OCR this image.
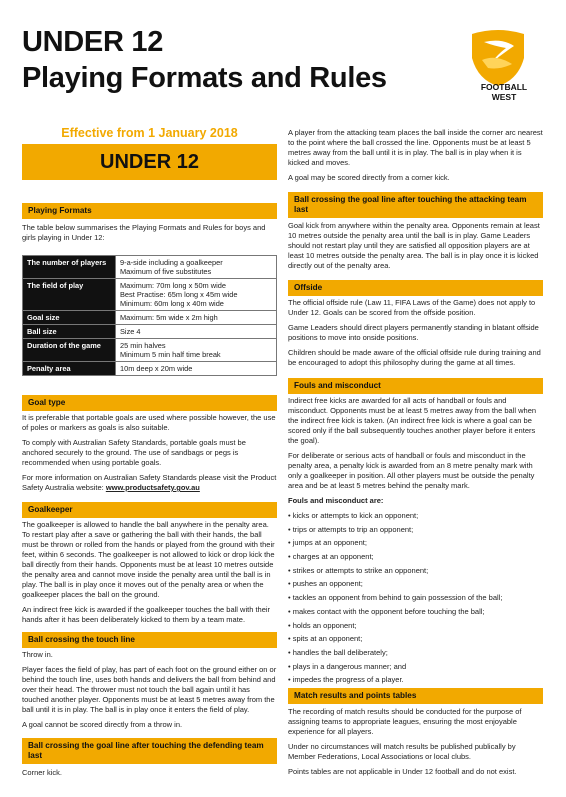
UNDER 12
Playing Formats and Rules	FOOTBALL
WEST
Effective from 1 January 2018
UNDER 12
Playing Formats
The table below summarises the Playing Formats and Rules for boys and girls playing in Under 12:
The number of players	9-a-side including a goalkeeper
Maximum of five substitutes
The field of play	Maximum: 70m long x 50m wide
Best Practise: 65m long x 45m wide
Minimum: 60m long x 40m wide
Goal size	Maximum: 5m wide x 2m high
Ball size	Size 4
Duration of the game	25 min halves
Minimum 5 min half time break
Penalty area	10m deep x 20m wide
Goal type

It is preferable that portable goals are used where possible however, the use of poles or markers as goals is also suitable.

To comply with Australian Safety Standards, portable goals must be anchored securely to the ground. The use of sandbags or pegs is recommended when using portable goals.

For more information on Australian Safety Standards please visit the Product Safety Australia website: www.productsafety.gov.au

Goalkeeper

The goalkeeper is allowed to handle the ball anywhere in the penalty area. To restart play after a save or gathering the ball with their hands, the ball must be thrown or rolled from the hands or played from the ground with their feet, within 6 seconds. The goalkeeper is not allowed to kick or drop kick the ball directly from their hands. Opponents must be at least 10 metres outside the penalty area and cannot move inside the penalty area until the ball is in play. The ball is in play once it moves out of the penalty area or when the goalkeeper places the ball on the ground.

An indirect free kick is awarded if the goalkeeper touches the ball with their hands after it has been deliberately kicked to them by a team mate.

Ball crossing the touch line

Throw in.

Player faces the field of play, has part of each foot on the ground either on or behind the touch line, uses both hands and delivers the ball from behind and over their head. The thrower must not touch the ball again until it has touched another player. Opponents must be at least 5 metres away from the ball until it is in play. The ball is in play once it enters the field of play.

A goal cannot be scored directly from a throw in.

Ball crossing the goal line after touching the defending team last
Corner kick.

A player from the attacking team places the ball inside the corner arc nearest to the point where the ball crossed the line. Opponents must be at least 5 metres away from the ball until it is in play. The ball is in play when it is kicked and moves.

A goal may be scored directly from a corner kick.

Ball crossing the goal line after touching the attacking team last
Goal kick from anywhere within the penalty area. Opponents remain at least 10 metres outside the penalty area until the ball is in play. Game Leaders should not restart play until they are satisfied all opposition players are at least 10 metres outside the penalty area. The ball is in play once it is kicked directly out of the penalty area.
Offside

The official offside rule (Law 11, FIFA Laws of the Game) does not apply to Under 12. Goals can be scored from the offside position.

Game Leaders should direct players permanently standing in blatant offside positions to move into onside positions.

Children should be made aware of the official offside rule during training and be encouraged to adopt this philosophy during the game at all times.

Fouls and misconduct

Indirect free kicks are awarded for all acts of handball or fouls and misconduct. Opponents must be at least 5 metres away from the ball when the indirect free kick is taken. (An indirect free kick is where a goal can be scored only if the ball subsequently touches another player before it enters the goal).

For deliberate or serious acts of handball or fouls and misconduct in the penalty area, a penalty kick is awarded from an 8 metre penalty mark with only a goalkeeper in position. All other players must be outside the penalty area and be at least 5 metres behind the penalty mark.

Fouls and misconduct are:

• kicks or attempts to kick an opponent;
• trips or attempts to trip an opponent;
• jumps at an opponent;
• charges at an opponent;
• strikes or attempts to strike an opponent;
• pushes an opponent;
• tackles an opponent from behind to gain possession of the ball;
• makes contact with the opponent before touching the ball;
• holds an opponent;
• spits at an opponent;
• handles the ball deliberately;
• plays in a dangerous manner; and
• impedes the progress of a player.
Match results and points tables

The recording of match results should be conducted for the purpose of assigning teams to appropriate leagues, ensuring the most enjoyable experience for all players.

Under no circumstances will match results be published publically by Member Federations, Local Associations or local clubs.

Points tables are not applicable in Under 12 football and do not exist.
